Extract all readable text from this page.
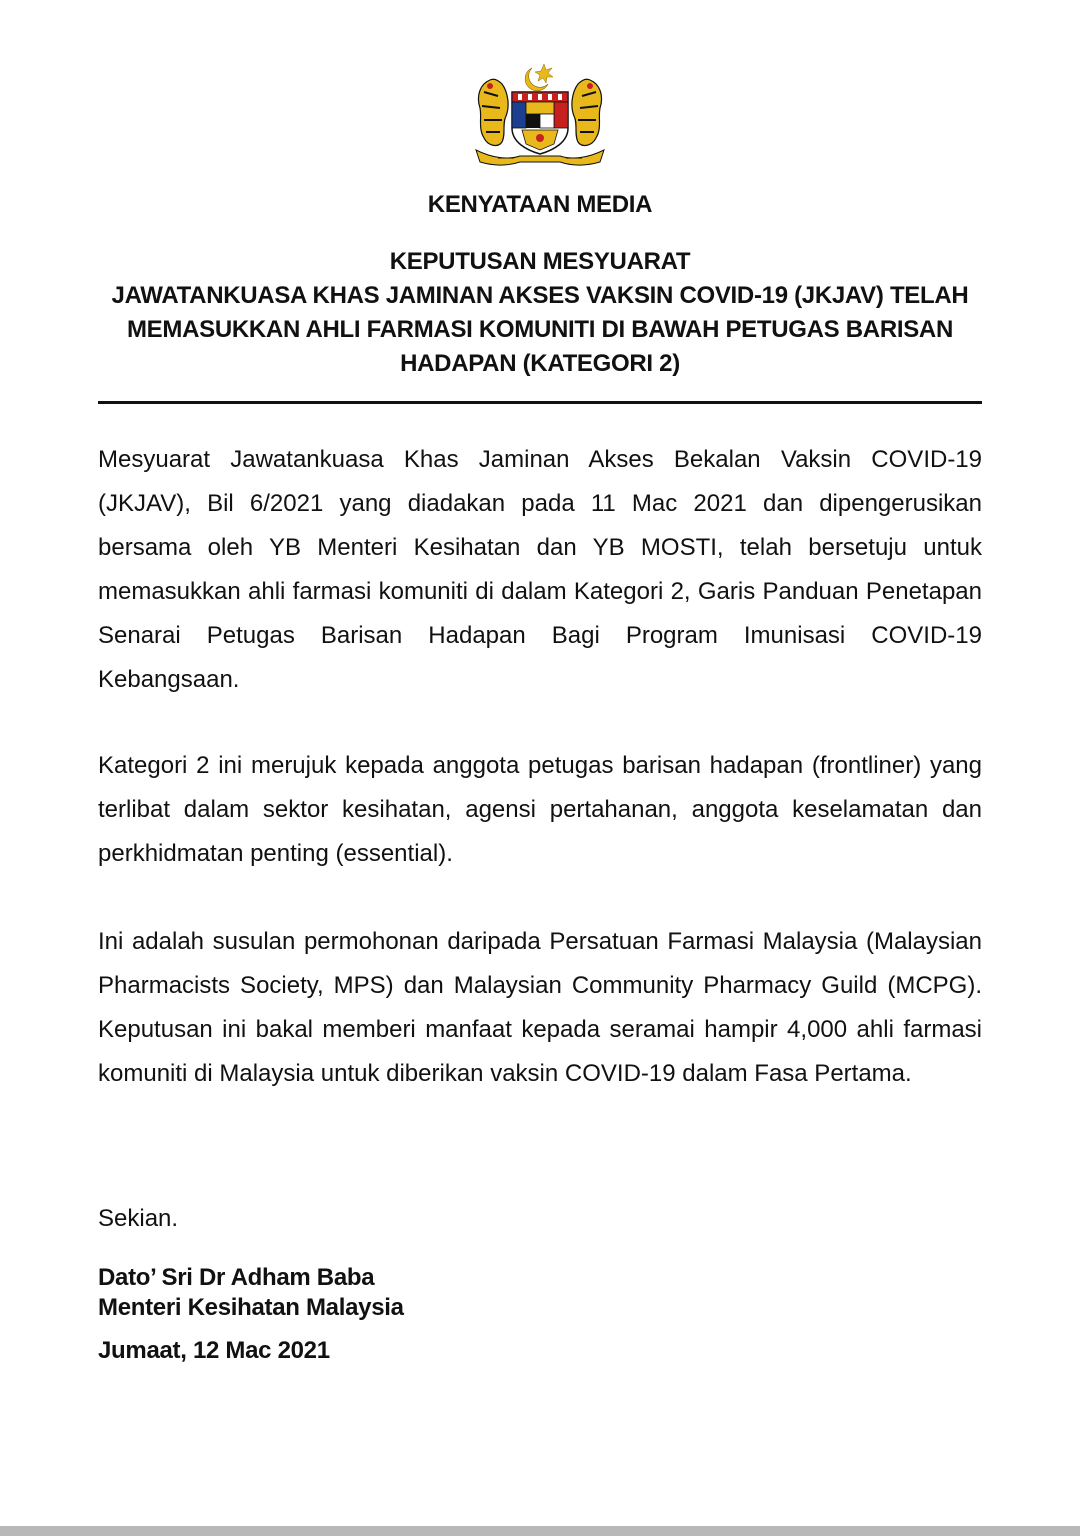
KENYATAAN MEDIA
KEPUTUSAN MESYUARAT
JAWATANKUASA KHAS JAMINAN AKSES VAKSIN COVID-19 (JKJAV) TELAH
MEMASUKKAN AHLI FARMASI KOMUNITI DI BAWAH PETUGAS BARISAN
HADAPAN (KATEGORI 2)

Mesyuarat Jawatankuasa Khas Jaminan Akses Bekalan Vaksin COVID-19 (JKJAV), Bil 6/2021 yang diadakan pada 11 Mac 2021 dan dipengerusikan bersama oleh YB Menteri Kesihatan dan YB MOSTI, telah bersetuju untuk memasukkan ahli farmasi komuniti di dalam Kategori 2, Garis Panduan Penetapan Senarai Petugas Barisan Hadapan Bagi Program Imunisasi COVID-19 Kebangsaan.

Kategori 2 ini merujuk kepada anggota petugas barisan hadapan (frontliner) yang terlibat dalam sektor kesihatan, agensi pertahanan, anggota keselamatan dan perkhidmatan penting (essential).

Ini adalah susulan permohonan daripada Persatuan Farmasi Malaysia (Malaysian Pharmacists Society, MPS) dan Malaysian Community Pharmacy Guild (MCPG). Keputusan ini bakal memberi manfaat kepada seramai hampir 4,000 ahli farmasi komuniti di Malaysia untuk diberikan vaksin COVID-19 dalam Fasa Pertama.

Sekian.
Dato’ Sri Dr Adham Baba
Menteri Kesihatan Malaysia
Jumaat, 12 Mac 2021
